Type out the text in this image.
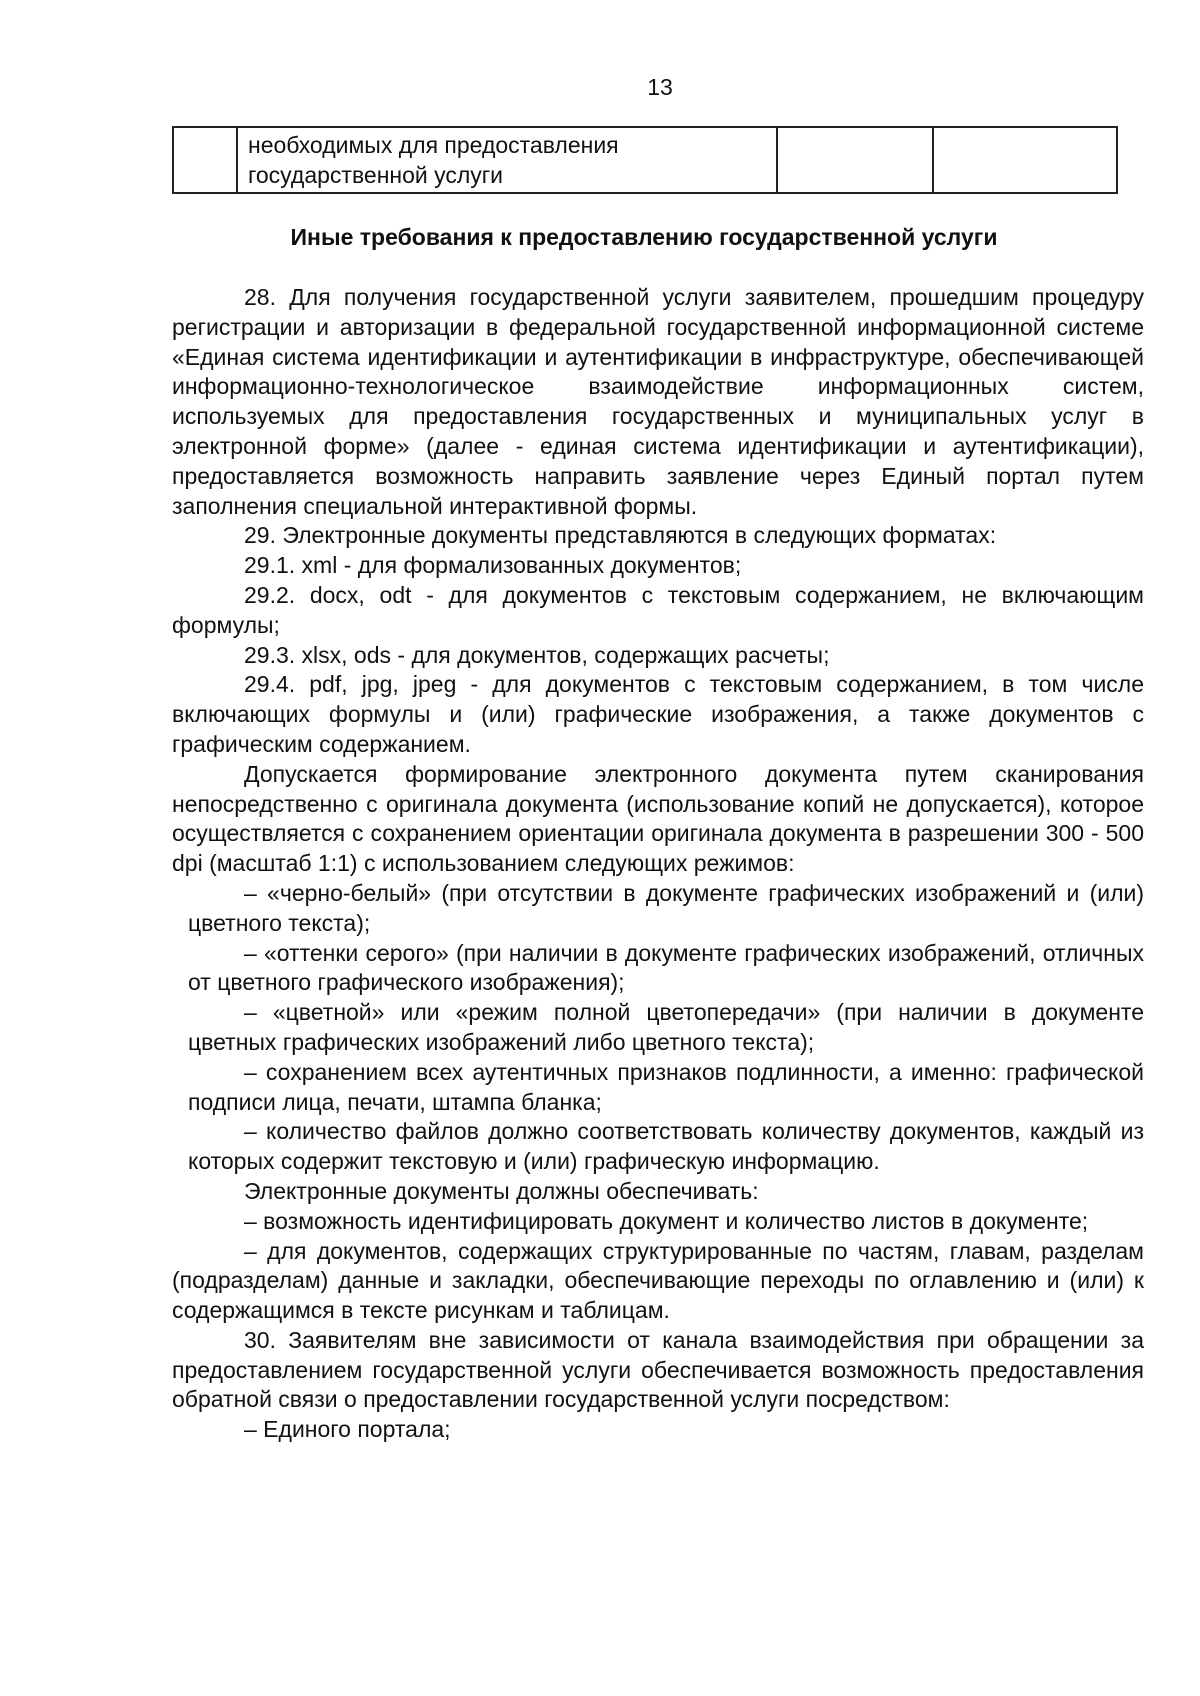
13
	необходимых для предоставления государственной услуги		
Иные требования к предоставлению государственной услуги

28. Для получения государственной услуги заявителем, прошедшим процедуру регистрации и авторизации в федеральной государственной информационной системе «Единая система идентификации и аутентификации в инфраструктуре, обеспечивающей информационно-технологическое взаимодействие информационных систем, используемых для предоставления государственных и муниципальных услуг в электронной форме» (далее - единая система идентификации и аутентификации), предоставляется возможность направить заявление через Единый портал путем заполнения специальной интерактивной формы.

29. Электронные документы представляются в следующих форматах:

29.1. xml - для формализованных документов;

29.2. docx, odt - для документов с текстовым содержанием, не включающим формулы;

29.3. xlsx, ods - для документов, содержащих расчеты;

29.4. pdf, jpg, jpeg - для документов с текстовым содержанием, в том числе включающих формулы и (или) графические изображения, а также документов с графическим содержанием.

Допускается формирование электронного документа путем сканирования непосредственно с оригинала документа (использование копий не допускается), которое осуществляется с сохранением ориентации оригинала документа в разрешении 300 - 500 dpi (масштаб 1:1) с использованием следующих режимов:

– «черно-белый» (при отсутствии в документе графических изображений и (или) цветного текста);

– «оттенки серого» (при наличии в документе графических изображений, отличных от цветного графического изображения);

– «цветной» или «режим полной цветопередачи» (при наличии в документе цветных графических изображений либо цветного текста);

– сохранением всех аутентичных признаков подлинности, а именно: графической подписи лица, печати, штампа бланка;

– количество файлов должно соответствовать количеству документов, каждый из которых содержит текстовую и (или) графическую информацию.

Электронные документы должны обеспечивать:

– возможность идентифицировать документ и количество листов в документе;

– для документов, содержащих структурированные по частям, главам, разделам (подразделам) данные и закладки, обеспечивающие переходы по оглавлению и (или) к содержащимся в тексте рисункам и таблицам.

30. Заявителям вне зависимости от канала взаимодействия при обращении за предоставлением государственной услуги обеспечивается возможность предоставления обратной связи о предоставлении государственной услуги посредством:

– Единого портала;
